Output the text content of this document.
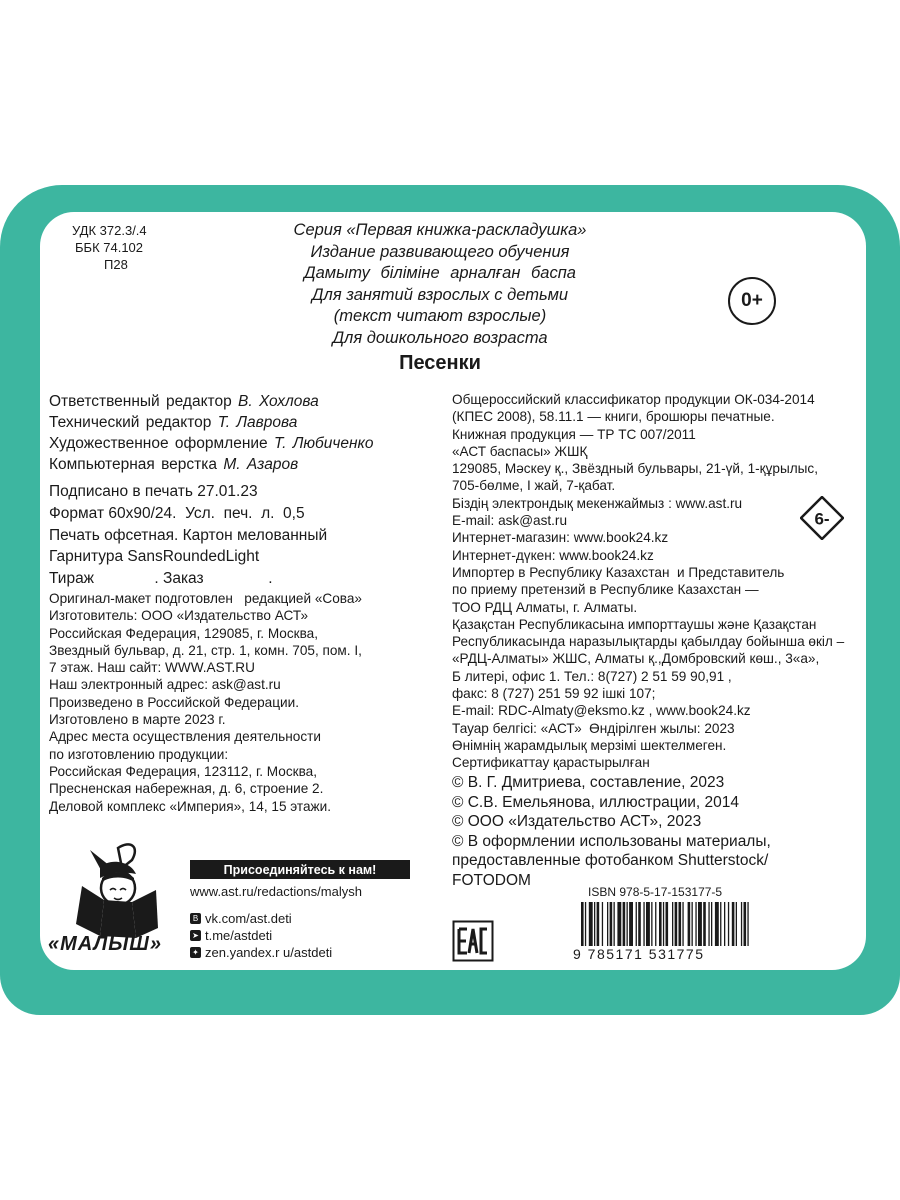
УДК 372.3/.4
ББК 74.102
П28
Серия «Первая книжка-раскладушка»
Издание развивающего обучения
Дамыту біліміне арналған баспа
Для занятий взрослых с детьми
(текст читают взрослые)
Для дошкольного возраста
0+
6-
Песенки
Ответственный редактор В. Хохлова
Технический редактор Т. Лаврова
Художественное оформление Т. Любиченко
Компьютерная верстка М. Азаров
Подписано в печать 27.01.23
Формат 60х90/24.  Усл.  печ.  л.  0,5
Печать офсетная. Картон мелованный
Гарнитура SansRoundedLight
Тираж              . Заказ               .
Оригинал-макет подготовлен   редакцией «Сова»
Изготовитель: ООО «Издательство АСТ»
Российская Федерация, 129085, г. Москва,
Звездный бульвар, д. 21, стр. 1, комн. 705, пом. I,
7 этаж. Наш сайт: WWW.AST.RU
Наш электронный адрес: ask@ast.ru
Произведено в Российской Федерации.
Изготовлено в марте 2023 г.
Адрес места осуществления деятельности
по изготовлению продукции:
Российская Федерация, 123112, г. Москва,
Пресненская набережная, д. 6, строение 2.
Деловой комплекс «Империя», 14, 15 этажи.
Общероссийский классификатор продукции ОК-034-2014
(КПЕС 2008), 58.11.1 — книги, брошюры печатные.
Книжная продукция — ТР ТС 007/2011
«АСТ баспасы» ЖШҚ
129085, Мәскеу қ., Звёздный бульвары, 21-үй, 1-құрылыс,
705-бөлме, I жай, 7-қабат.
Біздің электрондық мекенжаймыз : www.ast.ru
E-mail: ask@ast.ru
Интернет-магазин: www.book24.kz
Интернет-дүкен: www.book24.kz
Импортер в Республику Казахстан  и Представитель
по приему претензий в Республике Казахстан —
ТОО РДЦ Алматы, г. Алматы.
Қазақстан Республикасына импорттаушы және Қазақстан
Республикасында наразылықтарды қабылдау бойынша өкіл –
«РДЦ-Алматы» ЖШС, Алматы қ.,Домбровский көш., 3«а»,
Б литері, офис 1. Тел.: 8(727) 2 51 59 90,91 ,
факс: 8 (727) 251 59 92 ішкі 107;
E-mail: RDC-Almaty@eksmo.kz , www.book24.kz
Тауар белгісі: «АСТ»  Өндірілген жылы: 2023
Өнімнің жарамдылық мерзімі шектелмеген.
Сертификаттау қарастырылған
© В. Г. Дмитриева, составление, 2023
© С.В. Емельянова, иллюстрации, 2014
© ООО «Издательство АСТ», 2023
© В оформлении использованы материалы,
предоставленные фотобанком Shutterstock/
FOTODOM
«МАЛЫШ»
Присоединяйтесь к нам!
www.ast.ru/redactions/malysh
B vk.com/ast.deti
➤ t.me/astdeti
✦ zen.yandex.r u/astdeti
ISBN 978-5-17-153177-5
9 785171 531775
